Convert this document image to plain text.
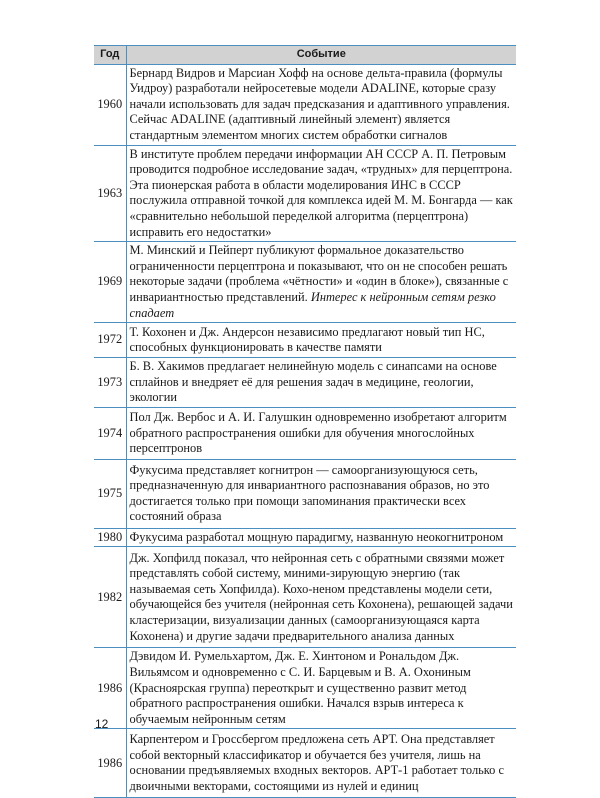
Год	Событие
1960	Бернард Видров и Марсиан Хофф на основе дельта-правила (формулы Уидроу) разработали нейросетевые модели ADALINE, которые сразу начали использовать для задач предсказания и адаптивного управления. Сейчас ADALINE (адаптивный линейный элемент) является стандартным элементом многих систем обработки сигналов
1963	В институте проблем передачи информации АН СССР А. П. Петровым проводится подробное исследование задач, «трудных» для перцептрона. Эта пионерская работа в области моделирования ИНС в СССР послужила отправной точкой для комплекса идей М. М. Бонгарда — как «сравнительно небольшой переделкой алгоритма (перцептрона) исправить его недостатки»
1969	М. Минский и Пейперт публикуют формальное доказательство ограниченности перцептрона и показывают, что он не способен решать некоторые задачи (проблема «чётности» и «один в блоке»), связанные с инвариантностью представлений. Интерес к нейронным сетям резко спадает
1972	Т. Кохонен и Дж. Андерсон независимо предлагают новый тип НС, способных функционировать в качестве памяти
1973	Б. В. Хакимов предлагает нелинейную модель с синапсами на основе сплайнов и внедряет её для решения задач в медицине, геологии, экологии
1974	Пол Дж. Вербос и А. И. Галушкин одновременно изобретают алгоритм обратного распространения ошибки для обучения многослойных перcептронов
1975	Фукусима представляет когнитрон — самоорганизующуюся сеть, предназначенную для инвариантного распознавания образов, но это достигается только при помощи запоминания практически всех состояний образа
1980	Фукусима разработал мощную парадигму, названную неокогнитроном
1982	Дж. Хопфилд показал, что нейронная сеть с обратными связями может представлять собой систему, миними-зирующую энергию (так называемая сеть Хопфилда). Кохо-неном представлены модели сети, обучающейся без учителя (нейронная сеть Кохонена), решающей задачи кластеризации, визуализации данных (самоорганизующаяся карта Кохонена) и другие задачи предварительного анализа данных
1986	Дэвидом И. Румельхартом, Дж. Е. Хинтоном и Рональдом Дж. Вильямсом и одновременно с С. И. Барцевым и В. А. Охониным (Красноярская группа) переоткрыт и существенно развит метод обратного распространения ошибки. Начался взрыв интереса к обучаемым нейронным сетям
1986	Карпентером и Гроссбергом предложена сеть АРТ. Она представляет собой векторный классификатор и обучается без учителя, лишь на основании предъявляемых входных векторов. АРТ-1 работает только с двоичными векторами, состоящими из нулей и единиц
12
